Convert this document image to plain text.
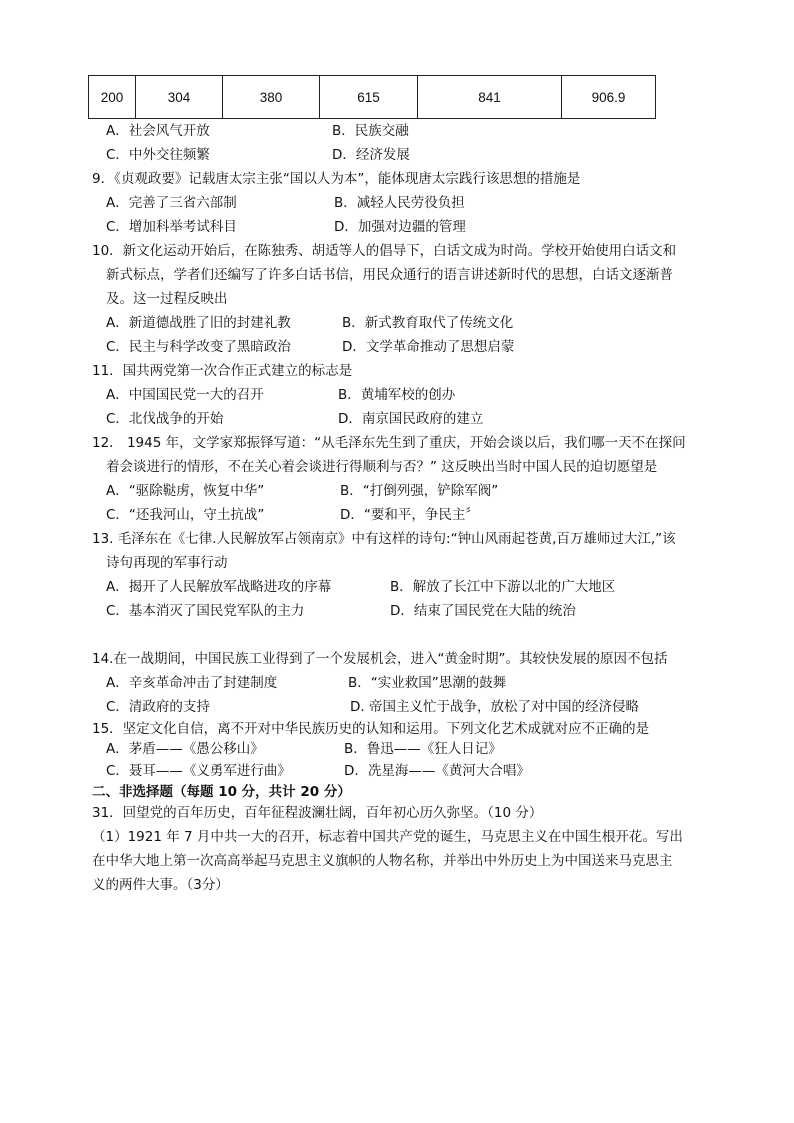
200	304	380	615	841	906.9
A．社会风气开放	B．民族交融
C．中外交往频繁	D．经济发展
9．《贞观政要》记载唐太宗主张“国以人为本”，能体现唐太宗践行该思想的措施是
A．完善了三省六部制	B．减轻人民劳役负担
C．增加科举考试科目	D．加强对边疆的管理
10．新文化运动开始后，在陈独秀、胡适等人的倡导下，白话文成为时尚。学校开始使用白话文和
新式标点，学者们还编写了许多白话书信，用民众通行的语言讲述新时代的思想，白话文逐渐普
及。这一过程反映出
A．新道德战胜了旧的封建礼教	B．新式教育取代了传统文化
C．民主与科学改变了黑暗政治	D．文学革命推动了思想启蒙
11．国共两党第一次合作正式建立的标志是
A．中国国民党一大的召开	B．黄埔军校的创办
C．北伐战争的开始	D．南京国民政府的建立
12． 1945 年，文学家郑振铎写道：“从毛泽东先生到了重庆，开始会谈以后，我们哪一天不在探问
着会谈进行的情形，不在关心着会谈进行得顺利与否？” 这反映出当时中国人民的迫切愿望是
A．“驱除鞑虏，恢复中华”	B．“打倒列强，铲除军阀”
C．“还我河山，守土抗战”	D．“要和平，争民主〞
13. 毛泽东在《七律.人民解放军占领南京》中有这样的诗句:“钟山风雨起苍黄,百万雄师过大江,”该
诗句再现的军事行动
A．揭开了人民解放军战略进攻的序幕	B．解放了长江中下游以北的广大地区
C．基本消灭了国民党军队的主力	D．结束了国民党在大陆的统治
14.在一战期间，中国民族工业得到了一个发展机会，进入“黄金时期”。其较快发展的原因不包括
A．辛亥革命冲击了封建制度	B．“实业救国”思潮的鼓舞
C．清政府的支持	D. 帝国主义忙于战争，放松了对中国的经济侵略
15．坚定文化自信，离不开对中华民族历史的认知和运用。下列文化艺术成就对应不正确的是
A．茅盾——《愚公移山》	B．鲁迅——《狂人日记》
C．聂耳——《义勇军进行曲》	D．冼星海——《黄河大合唱》
二、非选择题（每题 10 分，共计 20 分）
31．回望党的百年历史，百年征程波澜壮阔，百年初心历久弥坚。（10 分）
（1）1921 年 7 月中共一大的召开，标志着中国共产党的诞生，马克思主义在中国生根开花。写出
在中华大地上第一次高高举起马克思主义旗帜的人物名称，并举出中外历史上为中国送来马克思主
义的两件大事。（3分）
